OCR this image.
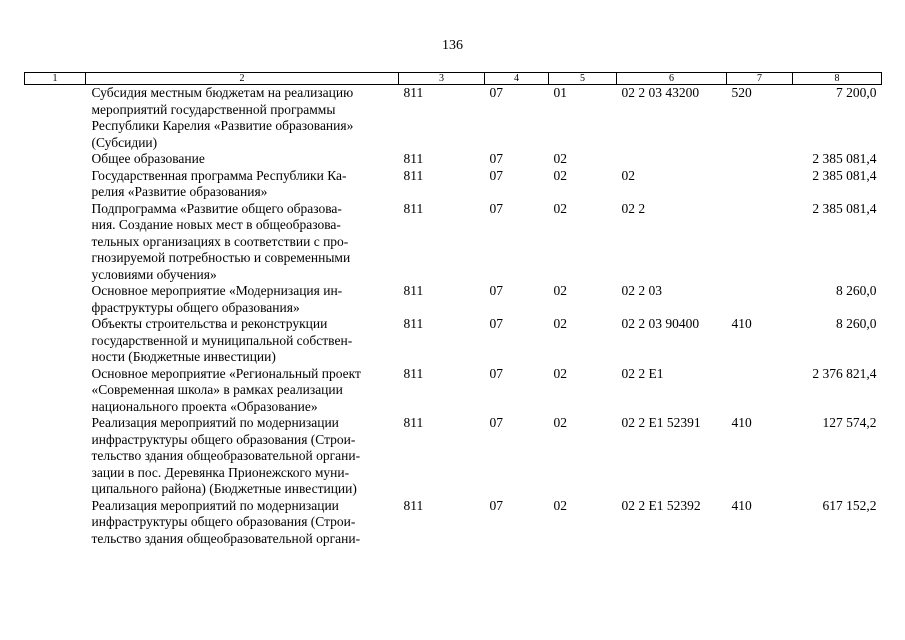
136
1	2	3	4	5	6	7	8

	Субсидия местным бюджетам на реализацию
мероприятий государственной программы
Республики Карелия «Развитие образования»
(Субсидии)	811	07	01	02 2 03 43200	520	7 200,0

	Общее образование	811	07	02			2 385 081,4

	Государственная программа Республики Ка-
релия «Развитие образования»	811	07	02	02		2 385 081,4

	Подпрограмма «Развитие общего образова-
ния. Создание новых мест в общеобразова-
тельных организациях в соответствии с про-
гнозируемой потребностью и современными
условиями обучения»	811	07	02	02 2		2 385 081,4

	Основное мероприятие «Модернизация ин-
фраструктуры общего образования»	811	07	02	02 2 03		8 260,0

	Объекты строительства и реконструкции
государственной и муниципальной собствен-
ности (Бюджетные инвестиции)	811	07	02	02 2 03 90400	410	8 260,0

	Основное мероприятие «Региональный проект
«Современная школа» в рамках реализации
национального проекта «Образование»	811	07	02	02 2 E1		2 376 821,4

	Реализация мероприятий по модернизации
инфраструктуры общего образования (Строи-
тельство здания общеобразовательной органи-
зации в пос. Деревянка Прионежского муни-
ципального района) (Бюджетные инвестиции)	811	07	02	02 2 E1 52391	410	127 574,2

	Реализация мероприятий по модернизации
инфраструктуры общего образования (Строи-
тельство здания общеобразовательной органи-	811	07	02	02 2 E1 52392	410	617 152,2
